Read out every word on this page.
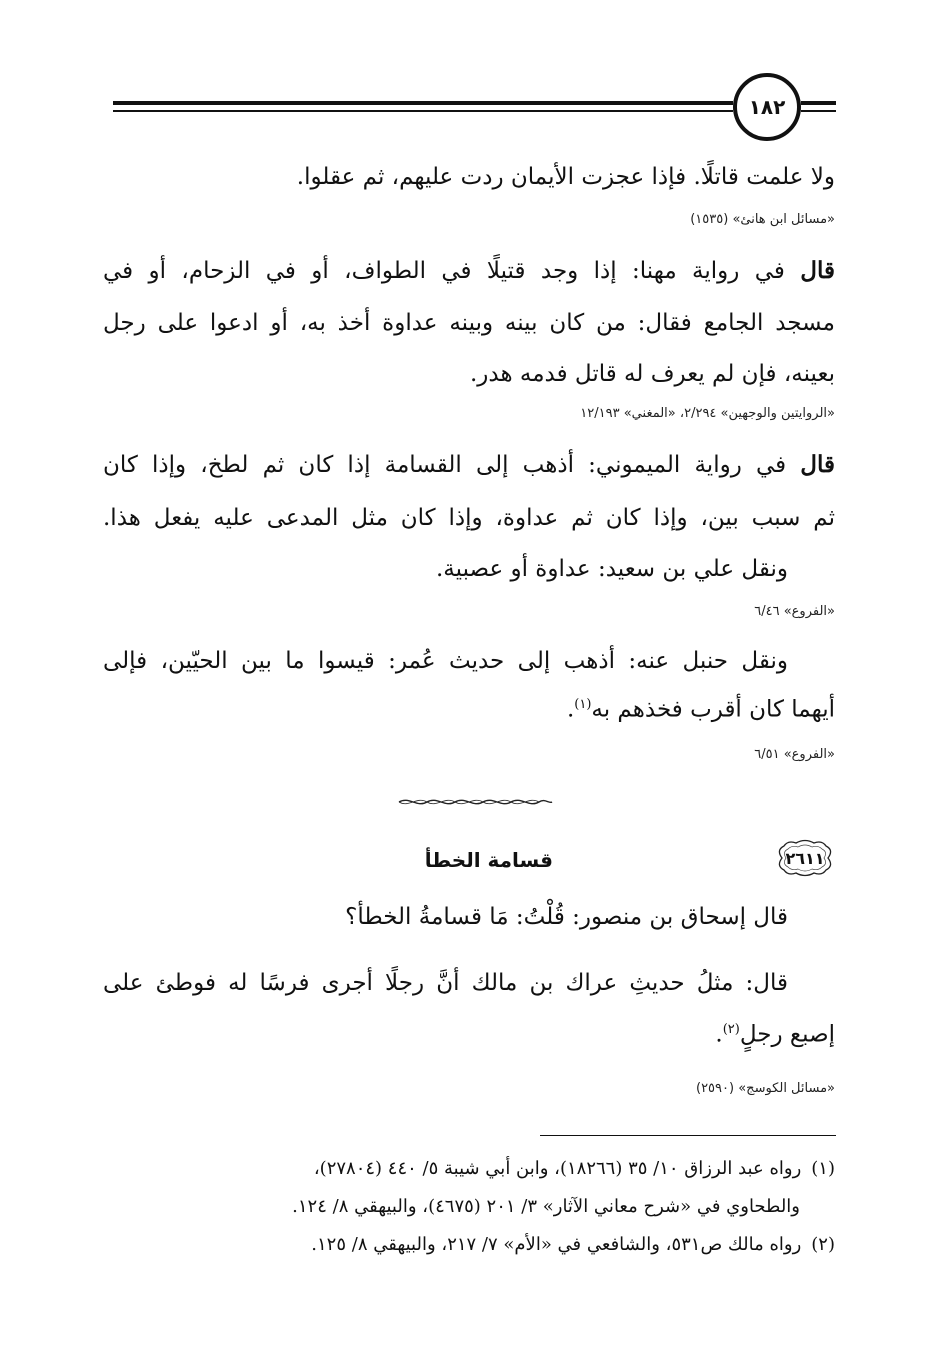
١٨٢
ولا علمت قاتلًا. فإذا عجزت الأيمان ردت عليهم، ثم عقلوا.
«مسائل ابن هانئ» (١٥٣٥)
قال في رواية مهنا: إذا وجد قتيلًا في الطواف، أو في الزحام، أو في
مسجد الجامع فقال: من كان بينه وبينه عداوة أخذ به، أو ادعوا على رجل
بعينه، فإن لم يعرف له قاتل فدمه هدر.
«الروايتين والوجهين» ٢/٢٩٤، «المغني» ١٢/١٩٣
قال في رواية الميموني: أذهب إلى القسامة إذا كان ثم لطخ، وإذا كان
ثم سبب بين، وإذا كان ثم عداوة، وإذا كان مثل المدعى عليه يفعل هذا.
ونقل علي بن سعيد: عداوة أو عصبية.
«الفروع» ٦/٤٦
ونقل حنبل عنه: أذهب إلى حديث عُمر: قيسوا ما بين الحيّين، فإلى
أيهما كان أقرب فخذهم به$^{(١)}$.
«الفروع» ٦/٥١
٢٦١١
قسامة الخطأ
قال إسحاق بن منصور: قُلْتُ: مَا قسامةُ الخطأ؟
قال: مثلُ حديثِ عراك بن مالك أنَّ رجلًا أجرى فرسًا له فوطئ على
إصبع رجلٍ$^{(٢)}$.
«مسائل الكوسج» (٢٥٩٠)
(١)رواه عبد الرزاق ١٠/ ٣٥ (١٨٢٦٦)، وابن أبي شيبة ٥/ ٤٤٠ (٢٧٨٠٤)،
والطحاوي في «شرح معاني الآثار» ٣/ ٢٠١ (٤٦٧٥)، والبيهقي ٨/ ١٢٤.
(٢)رواه مالك ص٥٣١، والشافعي في «الأم» ٧/ ٢١٧، والبيهقي ٨/ ١٢٥.
